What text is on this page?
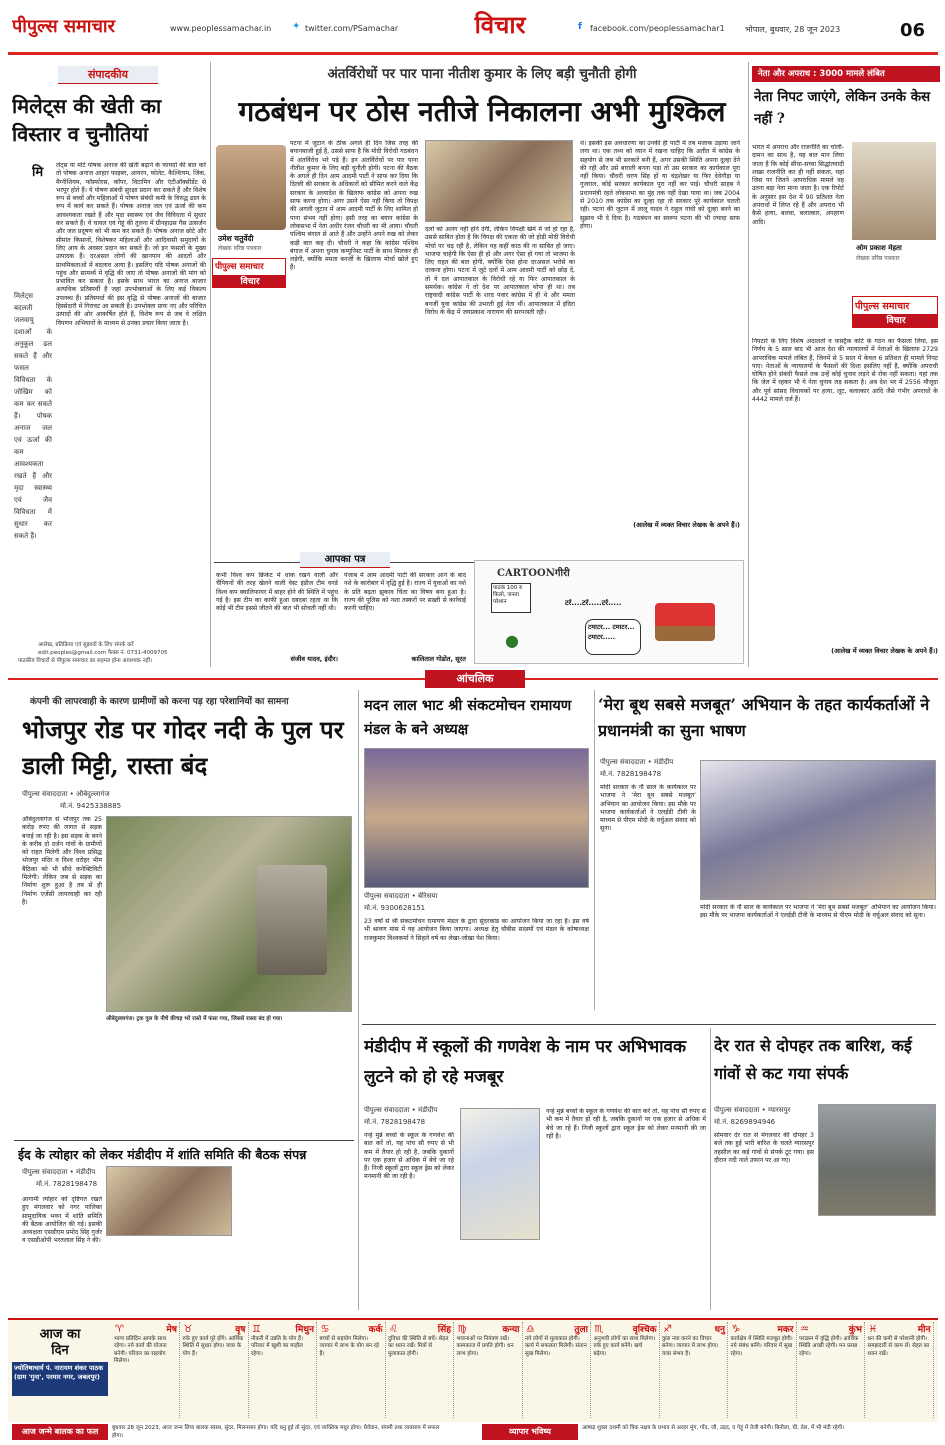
पीपुल्स समाचार	www.peoplessamachar.in	✦ twitter.com/PSamachar	विचार	f	facebook.com/peoplessamachar1	भोपाल, बुधवार, 28 जून 2023	06
संपादकीय
मिलेट्स की खेती का विस्तार व चुनौतियां
मि	लेट्स या मोटे पोषक अनाज की खेती बढ़ाने के फायदों की बात करें तो पोषक अनाज आहार फाइबर, आयरन, फोलेट, कैल्शियम, जिंक, मैग्नीशियम, फॉस्फोरस, कॉपर, विटामिन और एंटीऑक्सीडेंट से भरपूर होते हैं। ये पोषण संबंधी सुरक्षा प्रदान कर सकते हैं और विशेष रूप से बच्चों और महिलाओं में पोषण संबंधी कमी के विरुद्ध ढाल के रूप में कार्य कर सकते हैं। पोषक अनाज जल एवं ऊर्जा की कम आवश्यकता रखते हैं और मृदा स्वास्थ्य एवं जैव विविधता में सुधार कर सकते हैं। ये चावल एवं गेहूं की तुलना में ग्रीनहाउस गैस उत्सर्जन और जल प्रदूषण को भी कम कर सकते हैं। पोषक अनाज छोटे और सीमांत किसानों, विशेषकर महिलाओं और आदिवासी समुदायों के लिए आय के अवसर प्रदान कर सकते हैं। जो इन फसलों के मुख्य उत्पादक हैं। दरअसल लोगों की खानपान की आदतों और प्राथमिकताओं में बदलाव आया है। इसलिए यदि पोषक अनाजों की पहुंच और सामर्थ्य में वृद्धि की जाए तो पोषक अनाजों की मांग को प्रभावित कर सकता है। इसके साथ भारत का अनाज बाजार अत्यधिक प्रतिस्पर्धी है जहां उपभोक्ताओं के लिए कई विकल्प उपलब्ध हैं। प्रतिस्पर्धा की इस वृद्धि से पोषक अनाजों की बाजार हिस्सेदारी में गिरावट आ सकती है। उपभोक्ता प्रायः नए और परिचित उत्पादों की ओर आकर्षित होते हैं, विशेष रूप से जब वे लक्षित विपणन अभियानों के माध्यम से उनका प्रचार किया जाता है।
मिलेट्स बदलती जलवायु दशाओं के अनुकूल ढल सकते हैं और फसल विविधता के जोखिम को कम कर सकते हैं। पोषक अनाज जल एवं ऊर्जा की कम आवश्यकता रखते हैं और मृदा स्वास्थ्य एवं जैव विविधता में सुधार कर सकते हैं।
आलेख, प्रतिक्रिया एवं सुझावों के लिए संपर्क करें
edit.peoples@gmail.com फैक्स नं. 0731-4009705
पाठकीय विचारों से पीपुल्स समाचार का सहमत होना आवश्यक नहीं।
अंतर्विरोधों पर पार पाना नीतीश कुमार के लिए बड़ी चुनौती होगी
गठबंधन पर ठोस नतीजे निकालना अभी मुश्किल
उमेश चतुर्वेदी
लेखक वरिष्ठ पत्रकार
पीपुल्स समाचार
विचार
पटना में जुटान के ठीक अगले ही दिन जिस तरह की बयानबाजी हुई है, उससे साफ है कि मोदी विरोधी गठबंधन में अंतर्विरोध भरे पड़े हैं। इन अंतर्विरोधों पर पार पाना नीतीश कुमार के लिए बड़ी चुनौती होगी। पटना की बैठक के अगले ही दिन आम आदमी पार्टी ने साफ कर दिया कि दिल्ली की सरकार के अधिकारों को सीमित करने वाले केंद्र सरकार के अध्यादेश के खिलाफ कांग्रेस को अपना रुख साफ करना होगा। अगर उसने ऐसा नहीं किया तो विपक्ष की अगली जुटान में आम आदमी पार्टी के लिए शामिल हो पाना संभव नहीं होगा। इसी तरह का बयान कांग्रेस के लोकसभा में नेता अधीर रंजन चौधरी का भी आया। चौधरी पश्चिम बंगाल से आते हैं और उन्होंने अपने रुख को लेकर कड़ी बात कह दी। चौधरी ने कहा कि कांग्रेस पश्चिम बंगाल में अपना चुनाव कम्युनिस्ट पार्टी के साथ मिलकर ही लड़ेगी, क्योंकि ममता बनर्जी के खिलाफ मोर्चा खोले हुए हैं।
दलों को अलग नहीं होने देगी, लेकिन विपक्षी खेमे में जो हो रहा है, उससे साबित होता है कि विपक्ष की एकता की जो होड़ी मोदी विरोधी मोर्चा पर चढ़ रही है, लेकिन यह कहीं काठ की ना साबित हो जाए। भाजपा चाहेगी कि ऐसा ही हो और अगर ऐसा हो गया तो भाजपा के लिए राहत की बात होगी, क्योंकि ऐसा होना दरअसल भरोसे का दरकना होगा। पटना में जुटे दलों में आम आदमी पार्टी को छोड़ दें, तो ये दल आपातकाल के विरोधी रहे या फिर आपातकाल के समर्थक। कांग्रेस ने तो देश पर आपातकाल थोपा ही था। तब राष्ट्रवादी कांग्रेस पार्टी के शरद पवार कांग्रेस में ही थे और ममता बनर्जी युवा कांग्रेस की उभरती हुई नेता थीं। आपातकाल में इंदिरा विरोध के केंद्र में जयप्रकाश नारायण की सरपरस्ती रही।
थे। इसकी इस अवधारणा का उनकी ही पार्टी में तब मजाक उड़ाया जाने लगा था। एक तथ्य को ध्यान में रखना चाहिए कि अतीत में कांग्रेस के सहयोग से जब भी सरकारें बनी हैं, अगर उसकी स्थिति अपना दूल्हा देने की रही और उसे बाराती बनना पड़ा तो उस सरकार का कार्यकाल पूरा नहीं किया। चौधरी चरण सिंह हों या चंद्रशेखर या फिर देवेगौड़ा या गुजराल, कोई सरकार कार्यकाल पूरा नहीं कर पाई। चौधरी साहब ने प्रधानमंत्री रहते लोकसभा का मुंह तक नहीं देखा पाया था। जब 2004 से 2010 तक कांग्रेस का दूल्हा रहा तो सरकार पूरे कार्यकाल चलती रही। पटना की जुटान में लालू यादव ने राहुल गांधी को दूल्हा बनने का सुझाव भी दे दिया है। गठबंधन का स्वरूप पटना की भी ज्यादा साफ होगा।
(आलेख में व्यक्त विचार लेखक के अपने हैं।)
आपका पत्र
कभी विश्व कप क्रिकेट में धाक रखने वाली और चैंपियनों की तरह खेलने वाली वेस्ट इंडीज टीम वनडे विश्व कप क्वालिफायर में बाहर होने की स्थिति में पहुंच गई है। इस टीम का काफी हुआ दबदबा रहता था कि कोई भी टीम इससे जीतने की बात भी सोचती नहीं थी।
संजीव यादव, इंदौर।
पंजाब में आम आदमी पार्टी की सरकार आने के बाद नशे के कारोबार में वृद्धि हुई है। राज्य में युवाओं का नशे के प्रति बढ़ता झुकाव चिंता का विषय बना हुआ है। राज्य की पुलिस को नशा तस्करों पर सख्ती से कार्रवाई करनी चाहिए।
कालिताल गोडोत, सूरत
CARTOONगीरी
पाठक 100 रु किलो, जनता परेशान	टर्र....टर्र.....टर्र.....
●
टमाटर... टमाटर... टमाटर.....
नेता और अपराध : 3000 मामले लंबित
नेता निपट जाएंगे, लेकिन उनके केस नहीं ?
भारत में अपराध और राजनीति का चोली-दामन का साथ है, यह बात मान लिया जाता है कि कोई सीधा-सच्चा सिद्धांतवादी शख्स राजनीति कर ही नहीं सकता, यहां जिस पर जितने आपराधिक मामले वह उतना बड़ा नेता माना जाता है। एक रिपोर्ट के अनुसार इस देश में 90 प्रतिशत नेता अपराधों में लिप्त रहे हैं और अपराध भी कैसे हत्या, बलवा, बलात्कार, अपहरण आदि।
ओम प्रकाश मेहता
लेखक वरिष्ठ पत्रकार
पीपुल्स समाचार
विचार
निपटारे के लिए विशेष अदालतों व फास्ट्रैक कोर्ट के गठन का फैसला लिया, इस निर्णय के 5 साल बाद भी आज देश की न्यायालयों में नेताओं के खिलाफ 2729 आपराधिक मामले लंबित हैं, जिनमें से 5 साल में केवल 6 प्रतिशत ही मामले निपट पाए। नेताओं के न्यायालयों के फैसलों की दिशा इसलिए नहीं है, क्योंकि अपराधी घोषित होने संबंधी फैसले तक उन्हें कोई चुनाव लड़ने से रोक नहीं सकता। यहां तक कि जेल में रहकर भी ये नेता चुनाव लड़ सकता है। अब देश भर में 2556 मौजूदा और पूर्व सांसद विधायकों पर हत्या, लूट, बलात्कार आदि जैसे गंभीर अपराधों के 4442 मामले दर्ज हैं।
(आलेख में व्यक्त विचार लेखक के अपने हैं।)
आंचलिक
कंपनी की लापरवाही के कारण ग्रामीणों को करना पड़ रहा परेशानियों का सामना
भोजपुर रोड पर गोदर नदी के पुल पर डाली मिट्टी, रास्ता बंद
पीपुल्स संवाददाता • औबेदुल्लागंज
मो.नं. 9425338885
औबेदुल्लागंज से भोजपुर तक 25 करोड़ रुपए की लागत से सड़क बनाई जा रही है। इस सड़क के बनने के करीब दो दर्जन गांवों के ग्रामीणों को राहत मिलेगी और विश्व प्रसिद्ध भोजपुर मंदिर व विश्व धरोहर भीम बैठिका को भी सीधे कनेक्टिविटी मिलेगी। लेकिन जब से सड़क का निर्माण शुरू हुआ है तब से ही निर्माण एजेंसी लापरवाही कर रही है।
औबेदुल्लागंज। ट्रक पुल के नीचे कीचड़ भरे रास्ते में फंसा गया, जिससे रास्ता बंद हो गया।
ईद के त्योहार को लेकर मंडीदीप में शांति समिति की बैठक संपन्न
पीपुल्स संवाददाता • मंडीदीप
मो.नं. 7828198478
आगामी त्योहार को दृष्टिगत रखते हुए मंगलवार को नगर पालिका सामुदायिक भवन में शांति समिति की बैठक आयोजित की गई। इसकी अध्यक्षता एसडीएम प्रमोद सिंह गुर्जर व एसडीओपी भरतलाल सिंह ने की।
मदन लाल भाट श्री संकटमोचन रामायण मंडल के बने अध्यक्ष
पीपुल्स संवाददाता • बेरिसया
मो.नं. 9300628151
23 वर्षों से श्री संकटमोचन रामायण मंडल के द्वारा सुंदरकांड का आयोजन किया जा रहा है। इस वर्ष भी श्रावण मास में यह आयोजन किया जाएगा। अध्यक्ष हेतु चौबीस सदस्यों एवं मंडल के कोषाध्यक्ष राजकुमार विश्वकर्मा ने सिहले वर्ष का लेखा-जोखा पेश किया।
‘मेरा बूथ सबसे मजबूत’ अभियान के तहत कार्यकर्ताओं ने प्रधानमंत्री का सुना भाषण
पीपुल्स संवाददाता • मंडीदीप
मो.नं. 7828198478
मोदी सरकार के नौ साल के कार्यकाल पर भाजपा ने ‘मेरा बूथ सबसे मजबूत’ अभियान का आयोजन किया। इस मौके पर भाजपा कार्यकर्ताओं ने एलईडी टीवी के माध्यम से पीएम मोदी के वर्चुअल संवाद को सुना।
मोदी सरकार के नौ साल के कार्यकाल पर भाजपा ने ‘मेरा बूथ सबसे मजबूत’ अभियान का आयोजन किया। इस मौके पर भाजपा कार्यकर्ताओं ने एलईडी टीवी के माध्यम से पीएम मोदी के वर्चुअल संवाद को सुना।
मंडीदीप में स्कूलों की गणवेश के नाम पर अभिभावक लुटने को हो रहे मजबूर
पीपुल्स संवाददाता • मंडीदीप
मो.नं. 7828198478
नन्हे मुन्ने बच्चों के स्कूल के गणवेश की बात करें तो, यह पांच सौ रुपए से भी कम में तैयार हो रही है, जबकि दुकानों पर एक हजार से अधिक में बेचे जा रहे हैं। निजी स्कूलों द्वारा स्कूल ड्रेस को लेकर मनमानी की जा रही है।
नन्हे मुन्ने बच्चों के स्कूल के गणवेश की बात करें तो, यह पांच सौ रुपए से भी कम में तैयार हो रही है, जबकि दुकानों पर एक हजार से अधिक में बेचे जा रहे हैं। निजी स्कूलों द्वारा स्कूल ड्रेस को लेकर मनमानी की जा रही है।
देर रात से दोपहर तक बारिश, कई गांवों से कट गया संपर्क
पीपुल्स संवाददाता • ग्यारसपुर
मो.नं. 8269894946
सोमवार देर रात से मंगलवार की दोपहर 3 बजे तक हुई भारी बारिश के चलते ग्यारसपुर तहसील का कई गांवों से संपर्क टूट गया। इस दौरान नदी नाले उफान पर आ गए।
आज का
दिन
ज्योतिषाचार्य पं. नारायण शंकर पाठक (ग्राम 'गुना', परमार नगर, जबलपुर)
♈	मेष
भाग्य प्रतिदिन आपके साथ रहेगा। नये कार्य की योजना बनेगी। परिवार का सहयोग मिलेगा।
♉	वृष
रुके हुए कार्य पूरे होंगे। आर्थिक स्थिति में सुधार होगा। यात्रा के योग हैं।
♊	मिथुन
नौकरी में उन्नति के योग हैं। परिवार में खुशी का माहौल रहेगा।
♋	कर्क
बच्चों से सहयोग मिलेगा। व्यापार में लाभ के योग बन रहे हैं।
♌	सिंह
दुविधा की स्थिति से बचें। सेहत का ध्यान रखें। मित्रों से मुलाकात होगी।
♍	कन्या
भावनाओं पर नियंत्रण रखें। कामकाज में प्रगति होगी। धन लाभ होगा।
♎	तुला
नये लोगों से मुलाकात होगी। कार्य में सफलता मिलेगी। संतान सुख मिलेगा।
♏	वृश्चिक
अनुभवी लोगों का साथ मिलेगा। रुके हुए कार्य बनेंगे। खर्च बढ़ेगा।
♐	धनु
कुछ नया करने का विचार बनेगा। व्यापार में लाभ होगा। यात्रा संभव है।
♑	मकर
कार्यक्षेत्र में स्थिति मजबूत होगी। नये संबंध बनेंगे। परिवार में सुख रहेगा।
♒	कुंभ
पराक्रम में वृद्धि होगी। आर्थिक स्थिति अच्छी रहेगी। मन प्रसन्न रहेगा।
♓	मीन
धन की कमी से परेशानी होगी। समझदारी से काम लें। सेहत का ध्यान रखें।
आज जन्मे बालक का फल	बुधवार 28 जून 2023, आज जन्म लिया बालक स्वस्थ, सुंदर, मिलनसार होगा। यदि धनु हुई तो सुंदर, एवं व्यक्तिक मधुर होगा। धैर्यवान, संयमी तथा व्यवसाय में सफल होगा।	व्यापार भविष्य	आषाढ़ शुक्ल दशमी को त्रिक नक्षत्र के प्रभाव से अरहर मूंग, गोंद, जौ, उड़द, व गेहूं में तेजी बनेगी। बिनौला, घी, तेल, में भी मंदी रहेगी।
